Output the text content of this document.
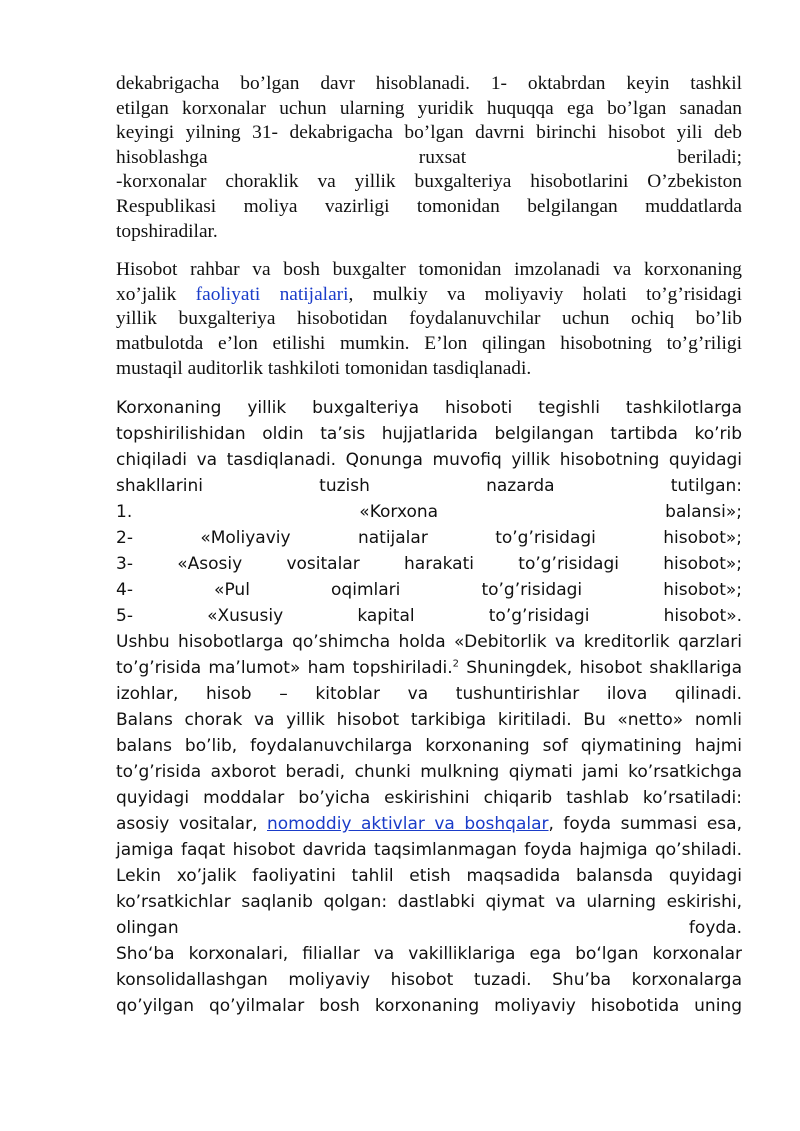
dekabrigacha bo’lgan davr hisoblanadi. 1- oktabrdan keyin tashkil
etilgan korxonalar uchun ularning yuridik huquqqa ega bo’lgan sanadan
keyingi yilning 31- dekabrigacha bo’lgan davrni birinchi hisobot yili deb
hisoblashga ruxsat beriladi;
-korxonalar choraklik va yillik buxgalteriya hisobotlarini O’zbekiston
Respublikasi moliya vazirligi tomonidan belgilangan muddatlarda
topshiradilar.
Hisobot rahbar va bosh buxgalter tomonidan imzolanadi va korxonaning
xo’jalik faoliyati natijalari, mulkiy va moliyaviy holati to’g’risidagi
yillik buxgalteriya hisobotidan foydalanuvchilar uchun ochiq bo’lib
matbulotda e’lon etilishi mumkin. E’lon qilingan hisobotning to’g’riligi
mustaqil auditorlik tashkiloti tomonidan tasdiqlanadi.
Korxonaning yillik buxgalteriya hisoboti tegishli tashkilotlarga
topshirilishidan oldin ta’sis hujjatlarida belgilangan tartibda ko’rib
chiqiladi va tasdiqlanadi. Qonunga muvofiq yillik hisobotning quyidagi
shakllarini tuzish nazarda tutilgan:
1. «Korxona balansi»;
2- «Moliyaviy natijalar to’g’risidagi hisobot»;
3- «Asosiy vositalar harakati to’g’risidagi hisobot»;
4- «Pul oqimlari to’g’risidagi hisobot»;
5- «Xususiy kapital to’g’risidagi hisobot».
Ushbu hisobotlarga qo’shimcha holda «Debitorlik va kreditorlik qarzlari
to’g’risida ma’lumot» ham topshiriladi.$^2$ Shuningdek, hisobot shakllariga
izohlar, hisob – kitoblar va tushuntirishlar ilova qilinadi.
Balans chorak va yillik hisobot tarkibiga kiritiladi. Bu «netto» nomli
balans bo’lib, foydalanuvchilarga korxonaning sof qiymatining hajmi
to’g’risida axborot beradi, chunki mulkning qiymati jami ko’rsatkichga
quyidagi moddalar bo’yicha eskirishini chiqarib tashlab ko’rsatiladi:
asosiy vositalar, nomoddiy aktivlar va boshqalar, foyda summasi esa,
jamiga faqat hisobot davrida taqsimlanmagan foyda hajmiga qo’shiladi.
Lekin xo’jalik faoliyatini tahlil etish maqsadida balansda quyidagi
ko’rsatkichlar saqlanib qolgan: dastlabki qiymat va ularning eskirishi,
olingan foyda.
Sho‘ba korxonalari, filiallar va vakilliklariga ega bo‘lgan korxonalar
konsolidallashgan moliyaviy hisobot tuzadi. Shu’ba korxonalarga
qo’yilgan qo’yilmalar bosh korxonaning moliyaviy hisobotida uning
